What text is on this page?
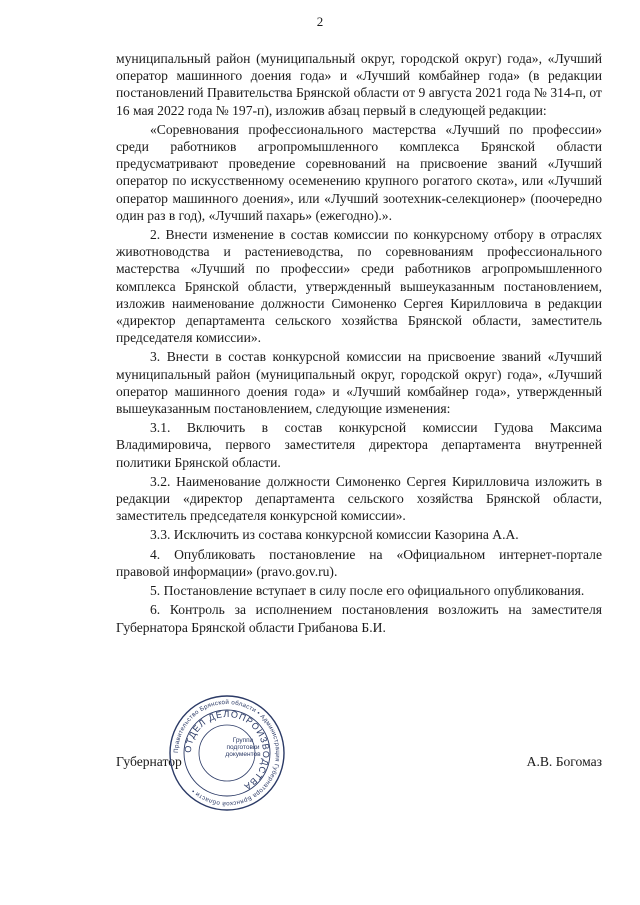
2

муниципальный район (муниципальный округ, городской округ) года», «Лучший оператор машинного доения года» и «Лучший комбайнер года» (в редакции постановлений Правительства Брянской области от 9 августа 2021 года № 314-п, от 16 мая 2022 года № 197-п), изложив абзац первый в следующей редакции:

«Соревнования профессионального мастерства «Лучший по профессии» среди работников агропромышленного комплекса Брянской области предусматривают проведение соревнований на присвоение званий «Лучший оператор по искусственному осеменению крупного рогатого скота», или «Лучший оператор машинного доения», или «Лучший зоотехник-селекционер» (поочередно один раз в год), «Лучший пахарь» (ежегодно).».

2. Внести изменение в состав комиссии по конкурсному отбору в отраслях животноводства и растениеводства, по соревнованиям профессионального мастерства «Лучший по профессии» среди работников агропромышленного комплекса Брянской области, утвержденный вышеуказанным постановлением, изложив наименование должности Симоненко Сергея Кирилловича в редакции «директор департамента сельского хозяйства Брянской области, заместитель председателя комиссии».

3. Внести в состав конкурсной комиссии на присвоение званий «Лучший муниципальный район (муниципальный округ, городской округ) года», «Лучший оператор машинного доения года» и «Лучший комбайнер года», утвержденный вышеуказанным постановлением, следующие изменения:

3.1. Включить в состав конкурсной комиссии Гудова Максима Владимировича, первого заместителя директора департамента внутренней политики Брянской области.

3.2. Наименование должности Симоненко Сергея Кирилловича изложить в редакции «директор департамента сельского хозяйства Брянской области, заместитель председателя конкурсной комиссии».

3.3. Исключить из состава конкурсной комиссии Казорина А.А.

4. Опубликовать постановление на «Официальном интернет-портале правовой информации» (pravo.gov.ru).

5. Постановление вступает в силу после его официального опубликования.

6. Контроль за исполнением постановления возложить на заместителя Губернатора Брянской области Грибанова Б.И.

Губернатор	А.В. Богомаз
Правительство Брянской области • Администрация Губернатора Брянской области •
ОТДЕЛ ДЕЛОПРОИЗВОДСТВА
Группа
подготовки
документов
